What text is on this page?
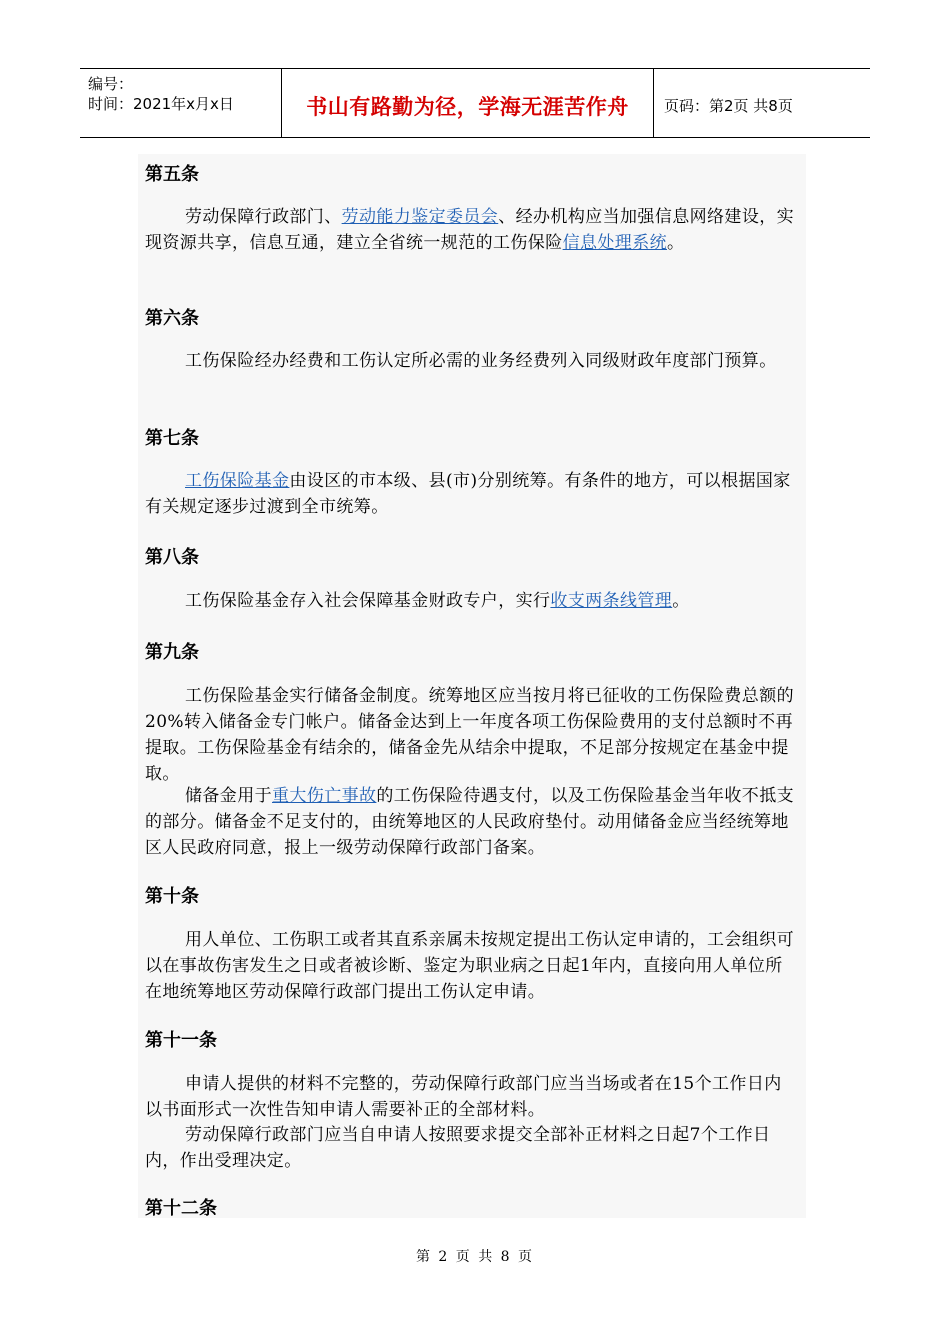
编号：
时间：2021年x月x日	书山有路勤为径，学海无涯苦作舟	页码：第2页 共8页
第五条

劳动保障行政部门、劳动能力鉴定委员会、经办机构应当加强信息网络建设，实现资源共享，信息互通，建立全省统一规范的工伤保险信息处理系统。

第六条

工伤保险经办经费和工伤认定所必需的业务经费列入同级财政年度部门预算。

第七条

工伤保险基金由设区的市本级、县(市)分别统筹。有条件的地方，可以根据国家有关规定逐步过渡到全市统筹。

第八条

工伤保险基金存入社会保障基金财政专户，实行收支两条线管理。

第九条

工伤保险基金实行储备金制度。统筹地区应当按月将已征收的工伤保险费总额的20%转入储备金专门帐户。储备金达到上一年度各项工伤保险费用的支付总额时不再提取。工伤保险基金有结余的，储备金先从结余中提取，不足部分按规定在基金中提取。

储备金用于重大伤亡事故的工伤保险待遇支付，以及工伤保险基金当年收不抵支的部分。储备金不足支付的，由统筹地区的人民政府垫付。动用储备金应当经统筹地区人民政府同意，报上一级劳动保障行政部门备案。

第十条

用人单位、工伤职工或者其直系亲属未按规定提出工伤认定申请的，工会组织可以在事故伤害发生之日或者被诊断、鉴定为职业病之日起1年内，直接向用人单位所在地统筹地区劳动保障行政部门提出工伤认定申请。

第十一条

申请人提供的材料不完整的，劳动保障行政部门应当当场或者在15个工作日内以书面形式一次性告知申请人需要补正的全部材料。

劳动保障行政部门应当自申请人按照要求提交全部补正材料之日起7个工作日内，作出受理决定。

第十二条
第 2 页 共 8 页
